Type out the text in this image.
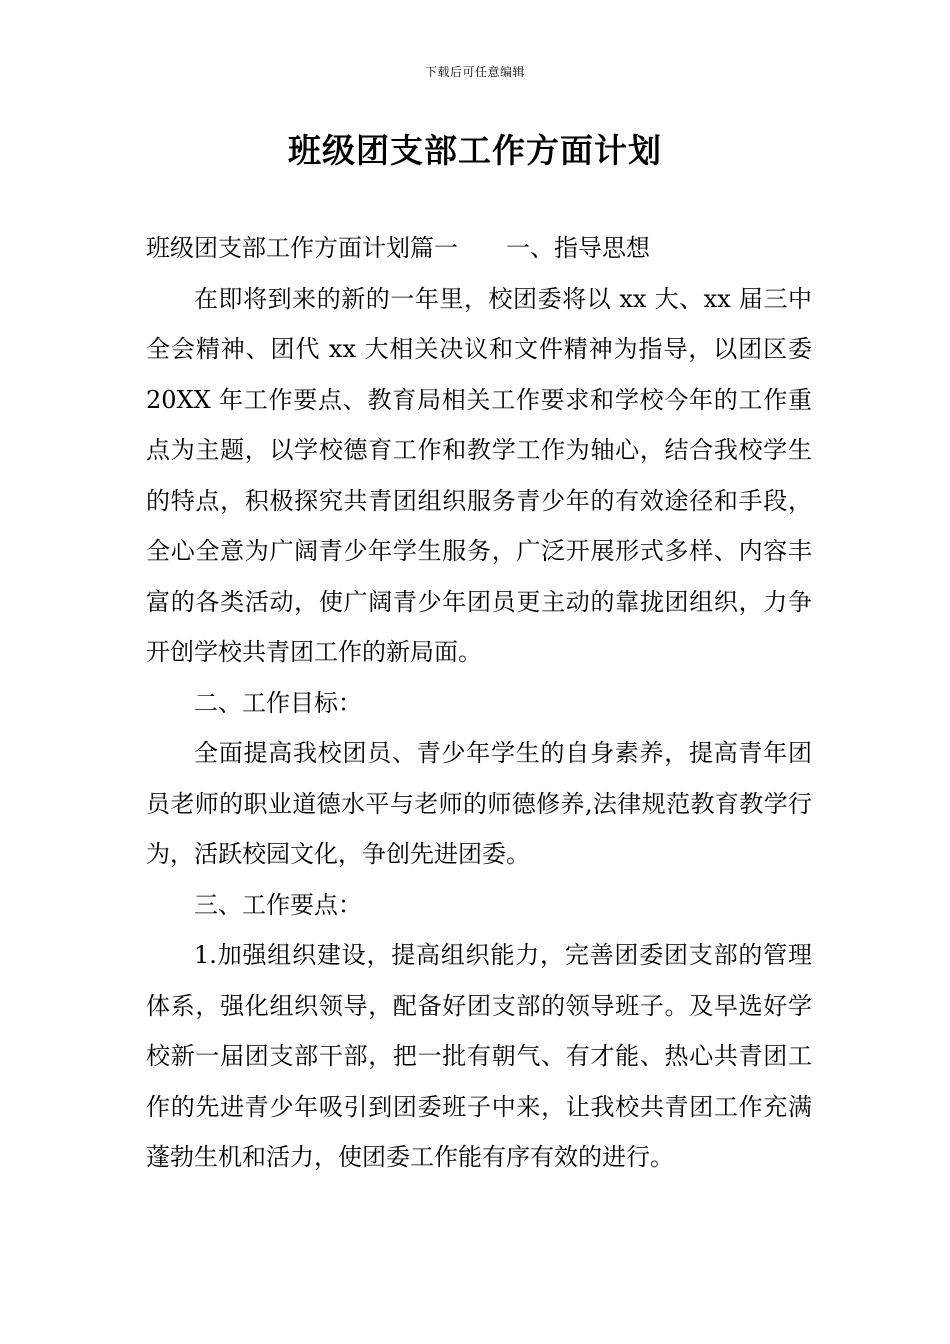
下载后可任意编辑
班级团支部工作方面计划

班级团支部工作方面计划篇一 一、指导思想

在即将到来的新的一年里，校团委将以 xx 大、xx 届三中全会精神、团代 xx 大相关决议和文件精神为指导，以团区委 20XX 年工作要点、教育局相关工作要求和学校今年的工作重点为主题，以学校德育工作和教学工作为轴心，结合我校学生的特点，积极探究共青团组织服务青少年的有效途径和手段，全心全意为广阔青少年学生服务，广泛开展形式多样、内容丰富的各类活动，使广阔青少年团员更主动的靠拢团组织，力争开创学校共青团工作的新局面。

二、工作目标：

全面提高我校团员、青少年学生的自身素养，提高青年团员老师的职业道德水平与老师的师德修养,法律规范教育教学行为，活跃校园文化，争创先进团委。

三、工作要点：

1.加强组织建设，提高组织能力，完善团委团支部的管理体系，强化组织领导，配备好团支部的领导班子。及早选好学校新一届团支部干部，把一批有朝气、有才能、热心共青团工作的先进青少年吸引到团委班子中来，让我校共青团工作充满蓬勃生机和活力，使团委工作能有序有效的进行。
